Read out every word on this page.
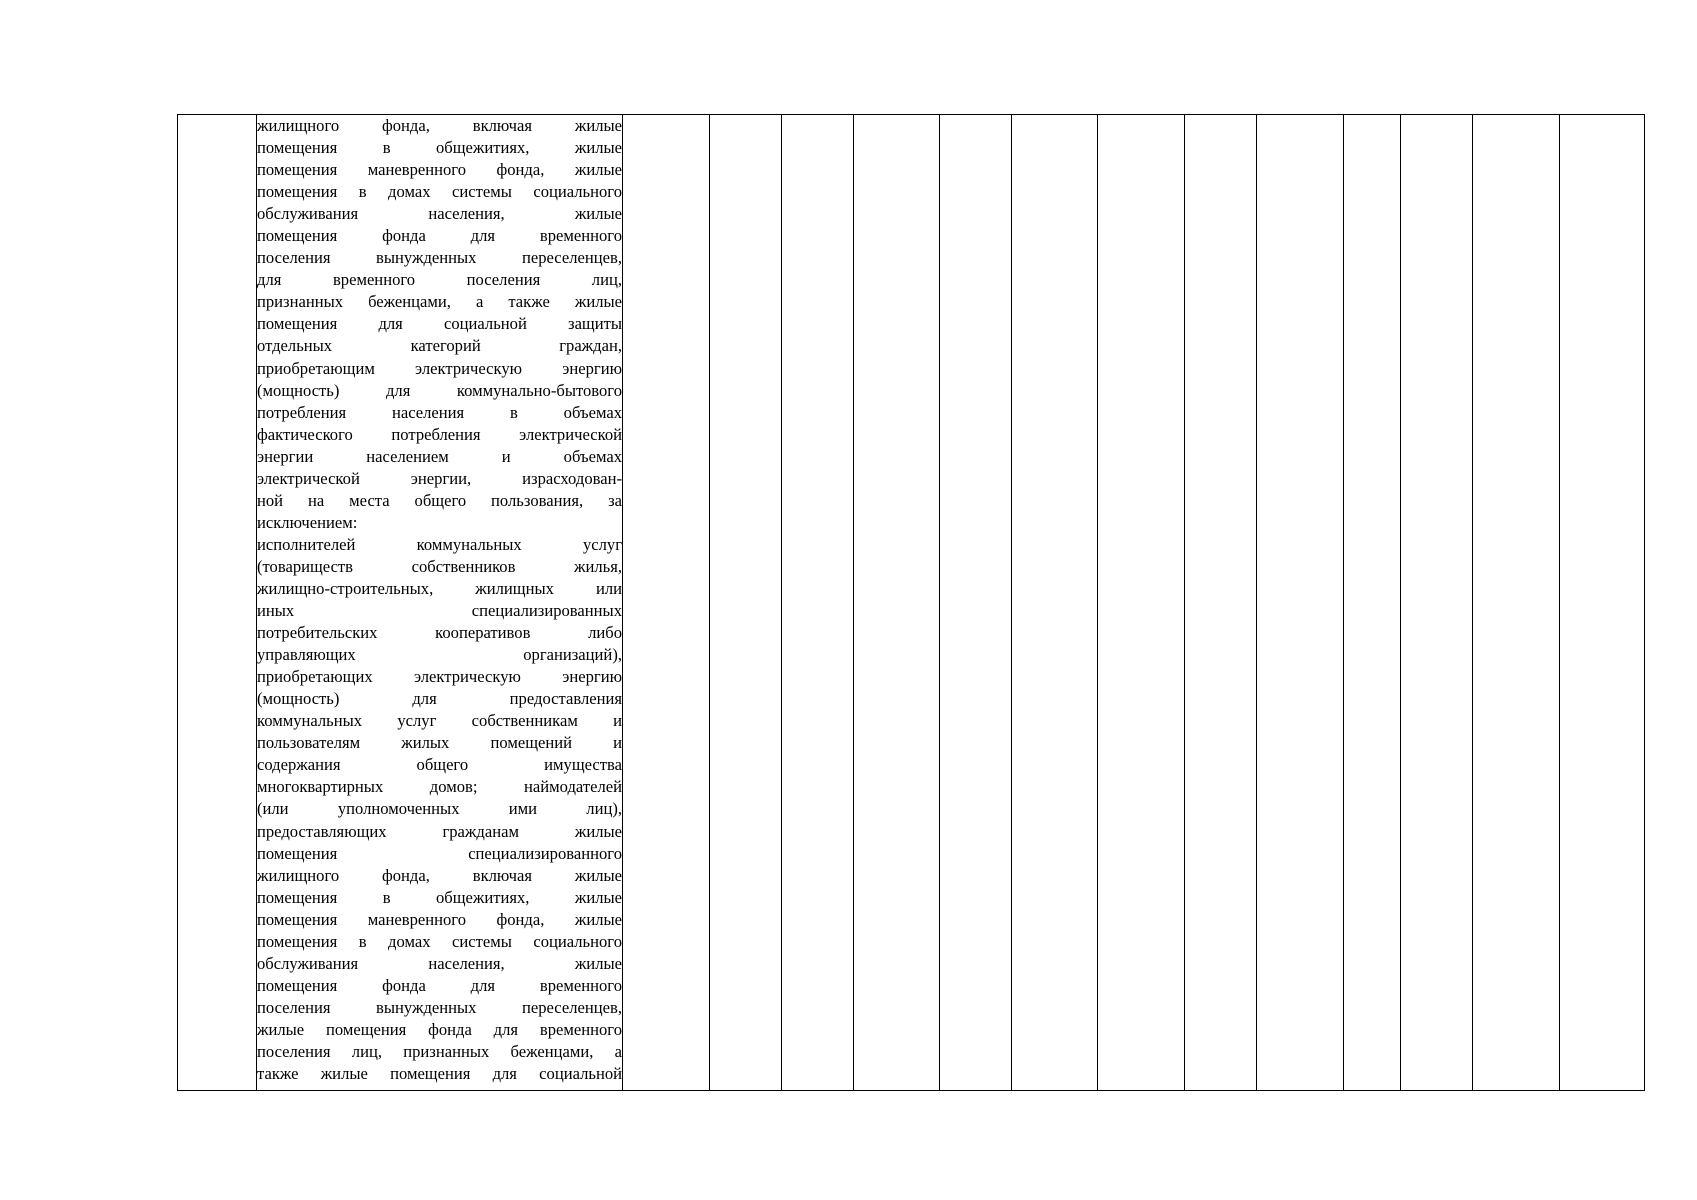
жилищного фонда, включая жилые
помещения в общежитиях, жилые
помещения маневренного фонда, жилые
помещения в домах системы социального
обслуживания населения, жилые
помещения фонда для временного
поселения вынужденных переселенцев,
для временного поселения лиц,
признанных беженцами, а также жилые
помещения для социальной защиты
отдельных категорий граждан,
приобретающим электрическую энергию
(мощность) для коммунально-бытового
потребления населения в объемах
фактического потребления электрической
энергии населением и объемах
электрической энергии, израсходован-
ной на места общего пользования, за
исключением:
исполнителей коммунальных услуг
(товариществ собственников жилья,
жилищно-строительных, жилищных или
иных специализированных
потребительских кооперативов либо
управляющих организаций),
приобретающих электрическую энергию
(мощность) для предоставления
коммунальных услуг собственникам и
пользователям жилых помещений и
содержания общего имущества
многоквартирных домов; наймодателей
(или уполномоченных ими лиц),
предоставляющих гражданам жилые
помещения специализированного
жилищного фонда, включая жилые
помещения в общежитиях, жилые
помещения маневренного фонда, жилые
помещения в домах системы социального
обслуживания населения, жилые
помещения фонда для временного
поселения вынужденных переселенцев,
жилые помещения фонда для временного
поселения лиц, признанных беженцами, а
также жилые помещения для социальной
